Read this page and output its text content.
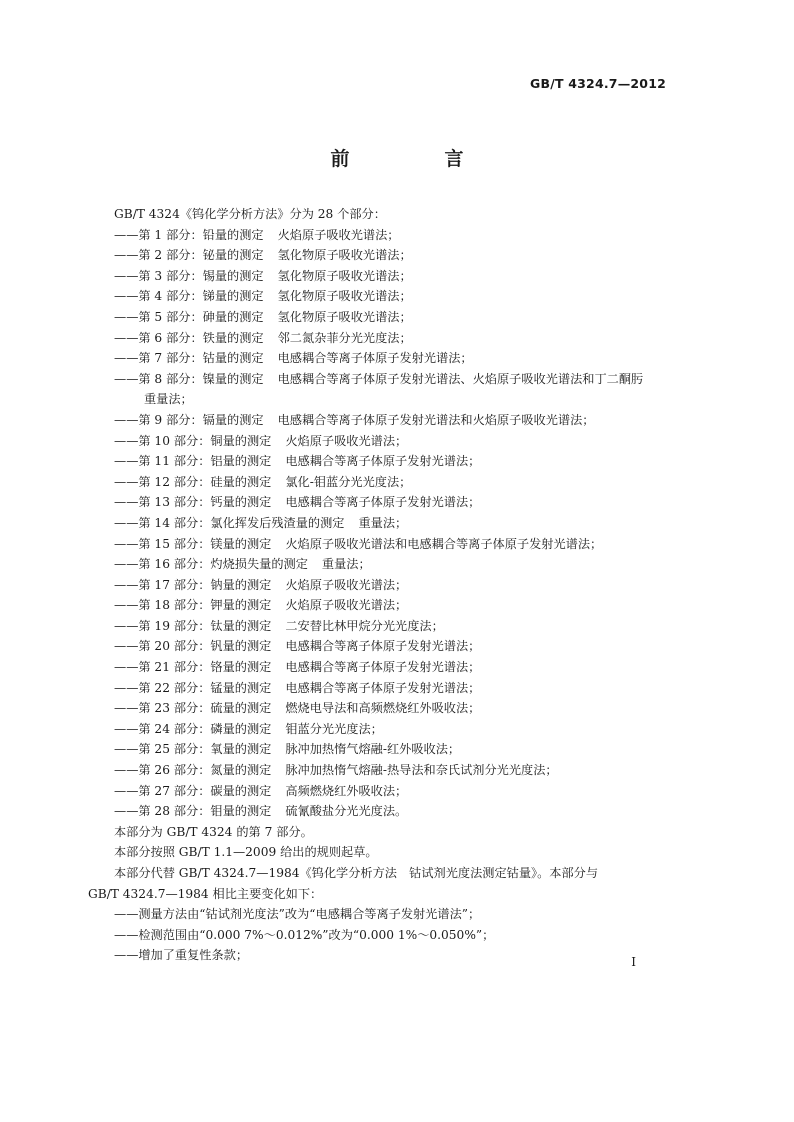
GB/T 4324.7—2012
前　言
GB/T 4324《钨化学分析方法》分为 28 个部分：
——第 1 部分：铅量的测定 火焰原子吸收光谱法；
——第 2 部分：铋量的测定 氢化物原子吸收光谱法；
——第 3 部分：锡量的测定 氢化物原子吸收光谱法；
——第 4 部分：锑量的测定 氢化物原子吸收光谱法；
——第 5 部分：砷量的测定 氢化物原子吸收光谱法；
——第 6 部分：铁量的测定 邻二氮杂菲分光光度法；
——第 7 部分：钴量的测定 电感耦合等离子体原子发射光谱法；
——第 8 部分：镍量的测定 电感耦合等离子体原子发射光谱法、火焰原子吸收光谱法和丁二酮肟
重量法；
——第 9 部分：镉量的测定 电感耦合等离子体原子发射光谱法和火焰原子吸收光谱法；
——第 10 部分：铜量的测定 火焰原子吸收光谱法；
——第 11 部分：铝量的测定 电感耦合等离子体原子发射光谱法；
——第 12 部分：硅量的测定 氯化-钼蓝分光光度法；
——第 13 部分：钙量的测定 电感耦合等离子体原子发射光谱法；
——第 14 部分：氯化挥发后残渣量的测定 重量法；
——第 15 部分：镁量的测定 火焰原子吸收光谱法和电感耦合等离子体原子发射光谱法；
——第 16 部分：灼烧损失量的测定 重量法；
——第 17 部分：钠量的测定 火焰原子吸收光谱法；
——第 18 部分：钾量的测定 火焰原子吸收光谱法；
——第 19 部分：钛量的测定 二安替比林甲烷分光光度法；
——第 20 部分：钒量的测定 电感耦合等离子体原子发射光谱法；
——第 21 部分：铬量的测定 电感耦合等离子体原子发射光谱法；
——第 22 部分：锰量的测定 电感耦合等离子体原子发射光谱法；
——第 23 部分：硫量的测定 燃烧电导法和高频燃烧红外吸收法；
——第 24 部分：磷量的测定 钼蓝分光光度法；
——第 25 部分：氧量的测定 脉冲加热惰气熔融-红外吸收法；
——第 26 部分：氮量的测定 脉冲加热惰气熔融-热导法和奈氏试剂分光光度法；
——第 27 部分：碳量的测定 高频燃烧红外吸收法；
——第 28 部分：钼量的测定 硫氰酸盐分光光度法。
本部分为 GB/T 4324 的第 7 部分。
本部分按照 GB/T 1.1—2009 给出的规则起草。
本部分代替 GB/T 4324.7—1984《钨化学分析方法　钴试剂光度法测定钴量》。本部分与
GB/T 4324.7—1984 相比主要变化如下：
——测量方法由“钴试剂光度法”改为“电感耦合等离子发射光谱法”；
——检测范围由“0.000 7%～0.012%”改为“0.000 1%～0.050%”；
——增加了重复性条款；	I
